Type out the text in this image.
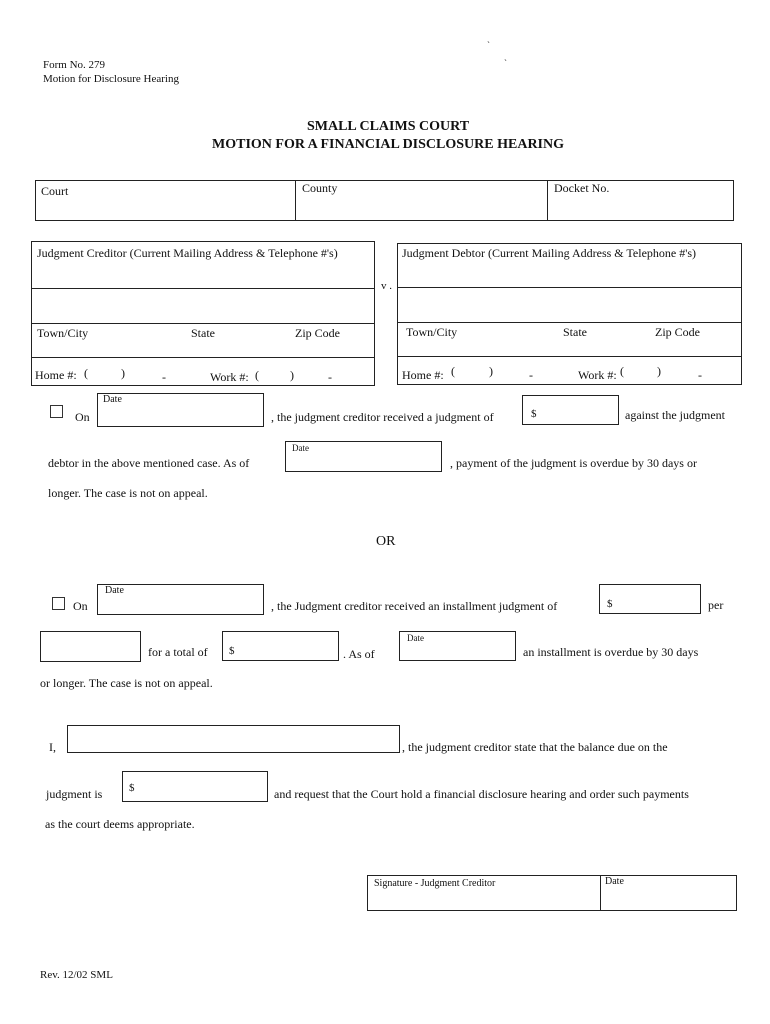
`
`
Form No. 279
Motion for Disclosure Hearing
SMALL CLAIMS COURT
MOTION FOR A FINANCIAL DISCLOSURE HEARING
Court	County	Docket No.
Judgment Creditor (Current Mailing Address & Telephone #'s)
Town/City	State	Zip Code
Home #: (	)	-	Work #: (	)	-
v .
Judgment Debtor (Current Mailing Address & Telephone #'s)
Town/City	State	Zip Code
Home #: (	)	-	Work #: (	)	-
On
Date
, the judgment creditor received a judgment of	$	against the judgment
debtor in the above mentioned case. As of
Date
, payment of the judgment is overdue by 30 days or
longer. The case is not on appeal.
OR
On
Date
, the Judgment creditor received an installment judgment of	$	per
for a total of $	. As of
Date
an installment is overdue by 30 days
or longer. The case is not on appeal.
I,	, the judgment creditor state that the balance due on the
judgment is $	and request that the Court hold a financial disclosure hearing and order such payments
as the court deems appropriate.
Signature - Judgment Creditor	Date
Rev. 12/02 SML
